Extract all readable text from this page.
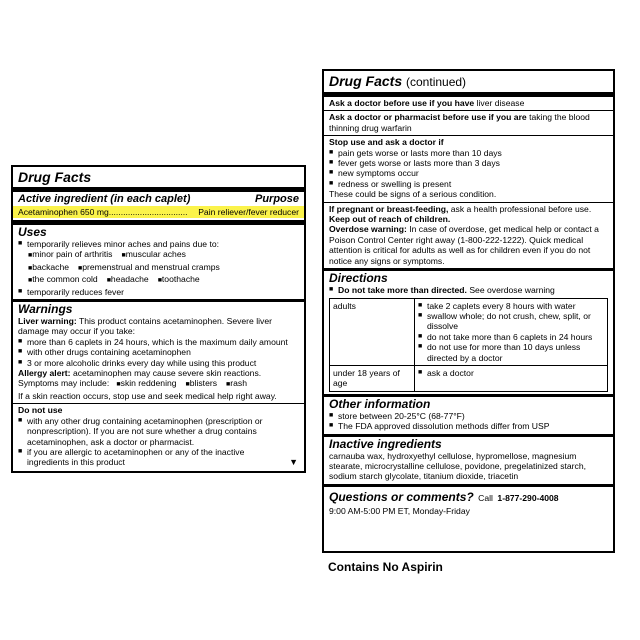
Drug Facts
Active ingredient (in each caplet)	Purpose
Acetaminophen 650 mg................................. Pain reliever/fever reducer
Uses
■ temporarily relieves minor aches and pains due to:
■ minor pain of arthritis ■ muscular aches
■ backache ■ premenstrual and menstrual cramps
■ the common cold ■ headache ■ toothache
■ temporarily reduces fever
Warnings
Liver warning: This product contains acetaminophen. Severe liver damage may occur if you take:
■ more than 6 caplets in 24 hours, which is the maximum daily amount
■ with other drugs containing acetaminophen
■ 3 or more alcoholic drinks every day while using this product
Allergy alert: acetaminophen may cause severe skin reactions.
Symptoms may include: ■ skin reddening ■ blisters ■ rash
If a skin reaction occurs, stop use and seek medical help right away.
Do not use
■ with any other drug containing acetaminophen (prescription or nonprescription). If you are not sure whether a drug contains acetaminophen, ask a doctor or pharmacist.
■ if you are allergic to acetaminophen or any of the inactive ingredients in this product	▼
Drug Facts (continued)
Ask a doctor before use if you have liver disease
Ask a doctor or pharmacist before use if you are taking the blood thinning drug warfarin
Stop use and ask a doctor if
■ pain gets worse or lasts more than 10 days
■ fever gets worse or lasts more than 3 days
■ new symptoms occur
■ redness or swelling is present
These could be signs of a serious condition.
If pregnant or breast-feeding, ask a health professional before use.
Keep out of reach of children.
Overdose warning: In case of overdose, get medical help or contact a Poison Control Center right away (1-800-222-1222). Quick medical attention is critical for adults as well as for children even if you do not notice any signs or symptoms.
Directions
■ Do not take more than directed. See overdose warning
adults	■ take 2 caplets every 8 hours with water
■ swallow whole; do not crush, chew, split, or dissolve
■ do not take more than 6 caplets in 24 hours
■ do not use for more than 10 days unless directed by a doctor

under 18 years of age	■ ask a doctor
Other information
■ store between 20-25°C (68-77°F)
■ The FDA approved dissolution methods differ from USP
Inactive ingredients
carnauba wax, hydroxyethyl cellulose, hypromellose, magnesium stearate, microcrystalline cellulose, povidone, pregelatinized starch, sodium starch glycolate, titanium dioxide, triacetin
Questions or comments? Call 1-877-290-4008
9:00 AM-5:00 PM ET, Monday-Friday
Contains No Aspirin
